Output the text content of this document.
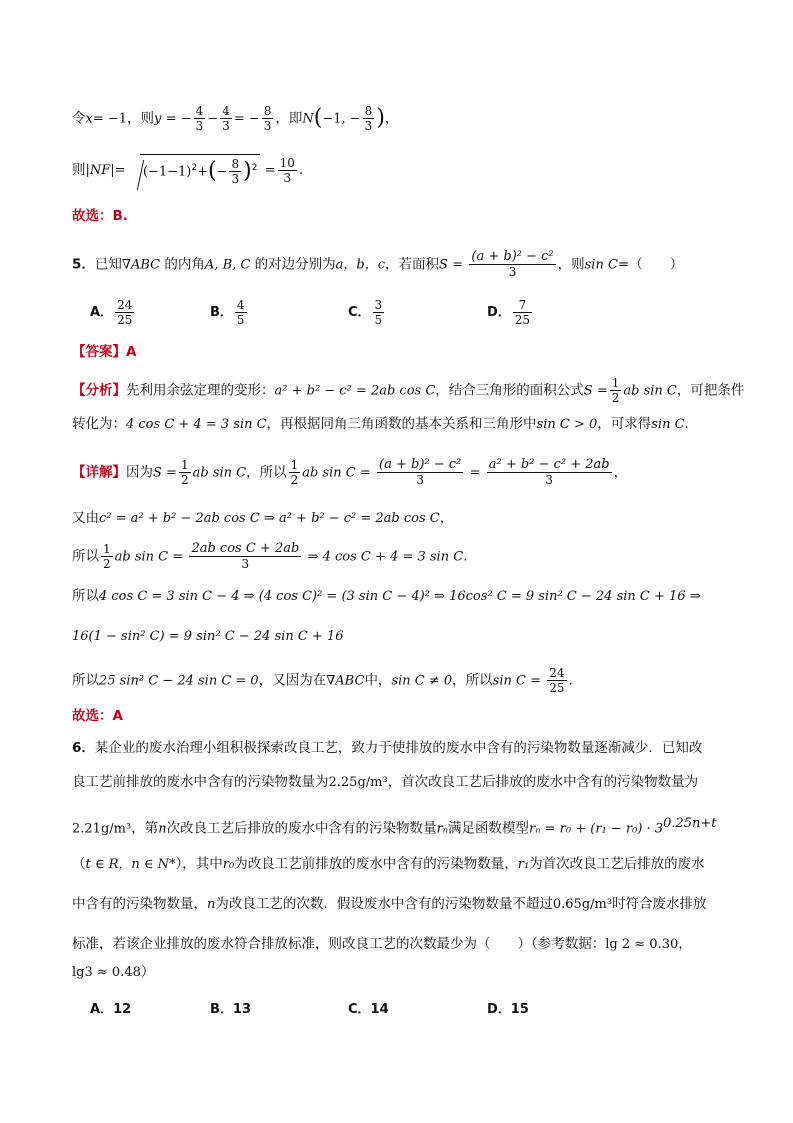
令x= −1，则y = − $\frac{4}{3} - \frac{4}{3}$ = − $\frac{8}{3}$ ，即N(−1, − $\frac{8}{3}$ )，
则$|NF|= (-1-1)^2+(- \frac{8}{3} )^2 = \frac{10}{3}$ .
故选：B.
5．已知∇ABC 的内角A, B, C 的对边分别为a，b，c，若面积$S = \frac{\text{(a + b)² − c²}}{3}$ ，则sin C=（　　）
A． $\frac{24}{25}$	B． $\frac{4}{5}$	C． $\frac{3}{5}$	D． $\frac{7}{25}$
【答案】A
【分析】先利用余弦定理的变形：a² + b² − c² = 2ab cos C，结合三角形的面积公式$S = \frac{1}{2}$ ab sin C，可把条件
转化为：4 cos C + 4 = 3 sin C，再根据同角三角函数的基本关系和三角形中sin C > 0，可求得sin C.
【详解】因为$S = \frac{1}{2}$ ab sin C，所以 $\frac{1}{2}$ ab $\sin C = \frac{\text{(a + b)² − c²}}{3} = \frac{\text{a² + b² − c² + 2ab}}{3}$ ，
又由c² = a² + b² − 2ab cos C ⇒ a² + b² − c² = 2ab cos C，
所以 $\frac{1}{2}$ ab $\sin C = \frac{\text{2ab cos C + 2ab}}{3}$ ⇒ 4 cos C + 4 = 3 sin C.
所以4 cos C = 3 sin C − 4 ⇒ (4 cos C)² = (3 sin C − 4)² ⇒ 16cos² C = 9 sin² C − 24 sin C + 16 ⇒
16(1 − sin² C) = 9 sin² C − 24 sin C + 16
所以25 sin² C − 24 sin C = 0，又因为在∇ABC中，sin C ≠ 0，所以$\sin C = \frac{24}{25}$ .
故选：A
6．某企业的废水治理小组积极探索改良工艺，致力于使排放的废水中含有的污染物数量逐渐减少．已知改
良工艺前排放的废水中含有的污染物数量为2.25g/m³，首次改良工艺后排放的废水中含有的污染物数量为
2.21g/m³，第n次改良工艺后排放的废水中含有的污染物数量rₙ满足函数模型$r_n = r_0 + (r_1 - r_0) \cdot 3^{0.25n+t}$
（t ∈ R，n ∈ N*），其中r₀为改良工艺前排放的废水中含有的污染物数量，r₁为首次改良工艺后排放的废水
中含有的污染物数量，n为改良工艺的次数．假设废水中含有的污染物数量不超过0.65g/m³时符合废水排放
标准，若该企业排放的废水符合排放标准，则改良工艺的次数最少为（　　）（参考数据：lg 2 ≈ 0.30，
lg3 ≈ 0.48）
A．12	B．13	C．14	D．15
